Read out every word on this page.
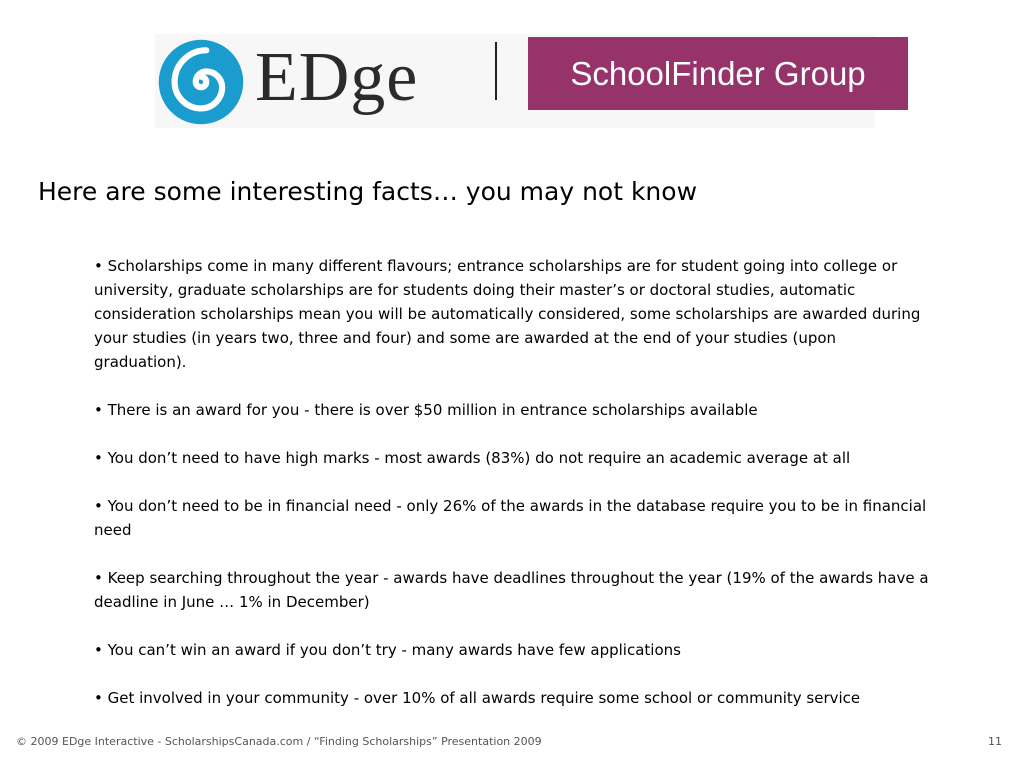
EDge	SchoolFinder Group
Here are some interesting facts… you may not know
• Scholarships come in many different flavours; entrance scholarships are for student going into college or university, graduate scholarships are for students doing their master’s or doctoral studies, automatic consideration scholarships mean you will be automatically considered, some scholarships are awarded during your studies (in years two, three and four) and some are awarded at the end of your studies (upon graduation).
• There is an award for you - there is over $50 million in entrance scholarships available
• You don’t need to have high marks - most awards (83%) do not require an academic average at all
• You don’t need to be in financial need - only 26% of the awards in the database require you to be in financial need
• Keep searching throughout the year - awards have deadlines throughout the year (19% of the awards have a deadline in June … 1% in December)
• You can’t win an award if you don’t try - many awards have few applications
• Get involved in your community - over 10% of all awards require some school or community service
© 2009 EDge Interactive - ScholarshipsCanada.com / “Finding Scholarships” Presentation 2009	11
